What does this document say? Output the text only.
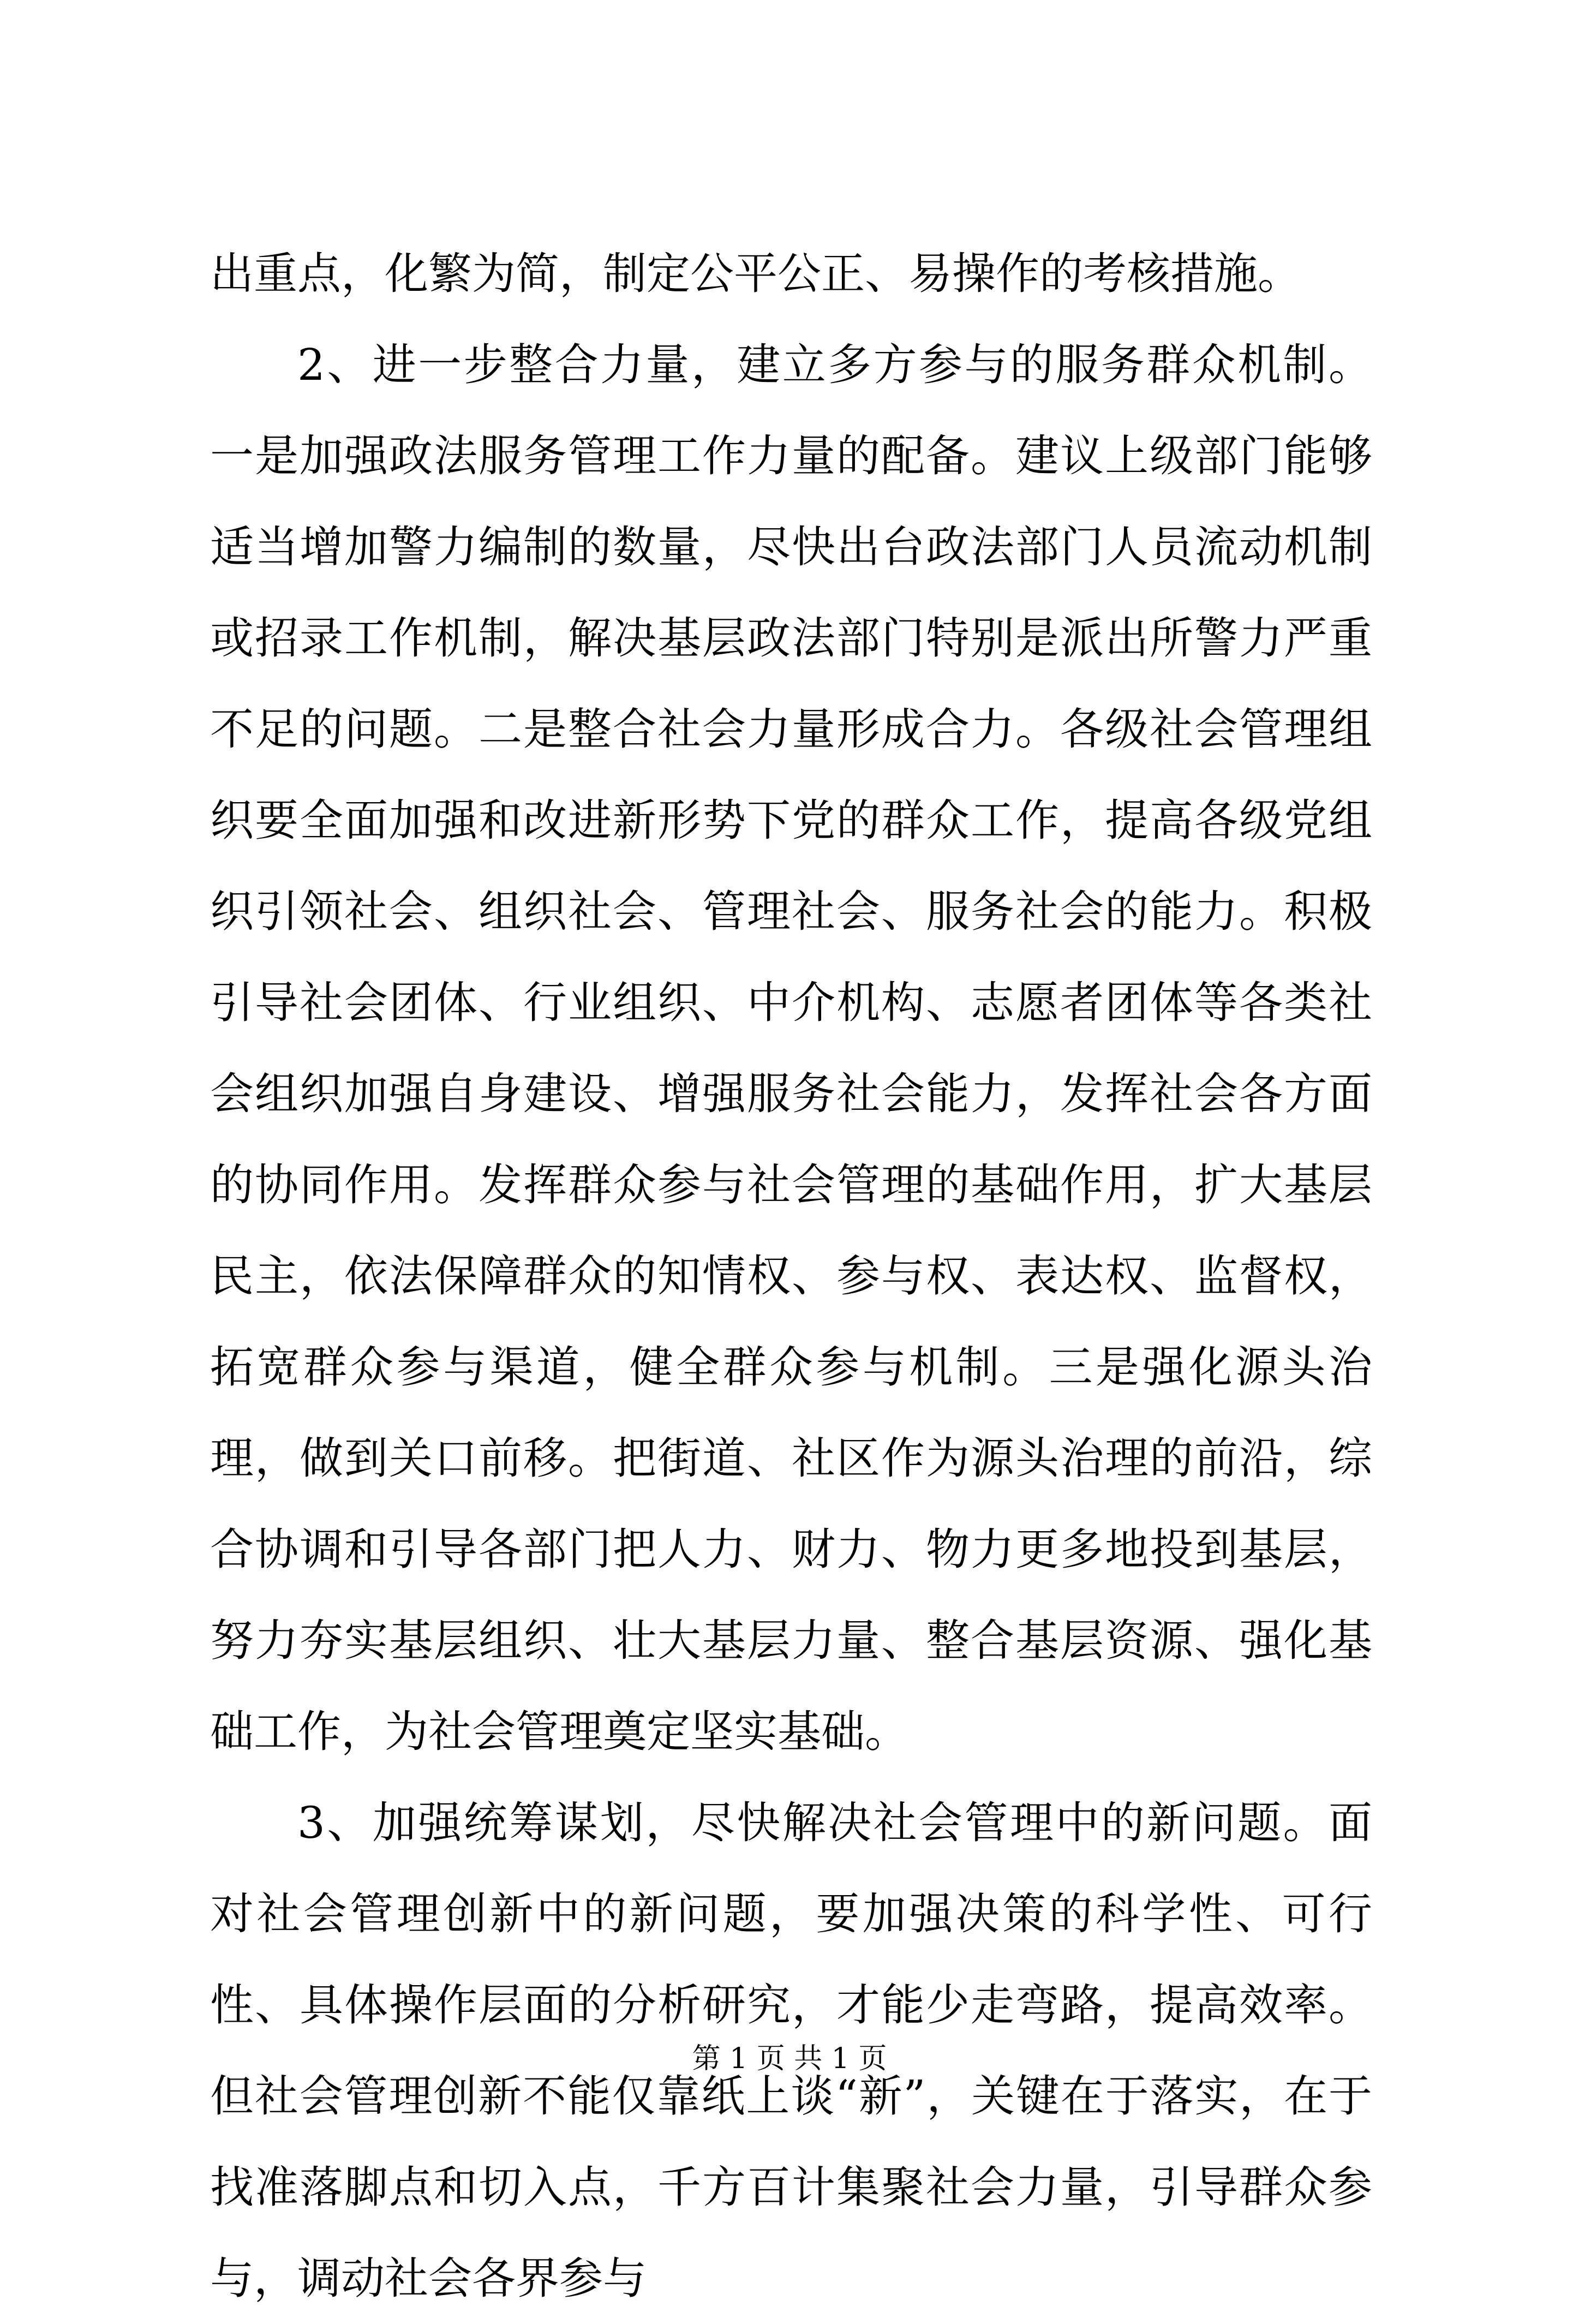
出重点，化繁为简，制定公平公正、易操作的考核措施。

2、进一步整合力量，建立多方参与的服务群众机制。一是加强政法服务管理工作力量的配备。建议上级部门能够适当增加警力编制的数量，尽快出台政法部门人员流动机制或招录工作机制，解决基层政法部门特别是派出所警力严重不足的问题。二是整合社会力量形成合力。各级社会管理组织要全面加强和改进新形势下党的群众工作，提高各级党组织引领社会、组织社会、管理社会、服务社会的能力。积极引导社会团体、行业组织、中介机构、志愿者团体等各类社会组织加强自身建设、增强服务社会能力，发挥社会各方面的协同作用。发挥群众参与社会管理的基础作用，扩大基层民主，依法保障群众的知情权、参与权、表达权、监督权，拓宽群众参与渠道，健全群众参与机制。三是强化源头治理，做到关口前移。把街道、社区作为源头治理的前沿，综合协调和引导各部门把人力、财力、物力更多地投到基层，努力夯实基层组织、壮大基层力量、整合基层资源、强化基础工作，为社会管理奠定坚实基础。

3、加强统筹谋划，尽快解决社会管理中的新问题。面对社会管理创新中的新问题，要加强决策的科学性、可行性、具体操作层面的分析研究，才能少走弯路，提高效率。但社会管理创新不能仅靠纸上谈“新”，关键在于落实，在于找准落脚点和切入点，千方百计集聚社会力量，引导群众参与，调动社会各界参与

第 1 页 共 1 页
